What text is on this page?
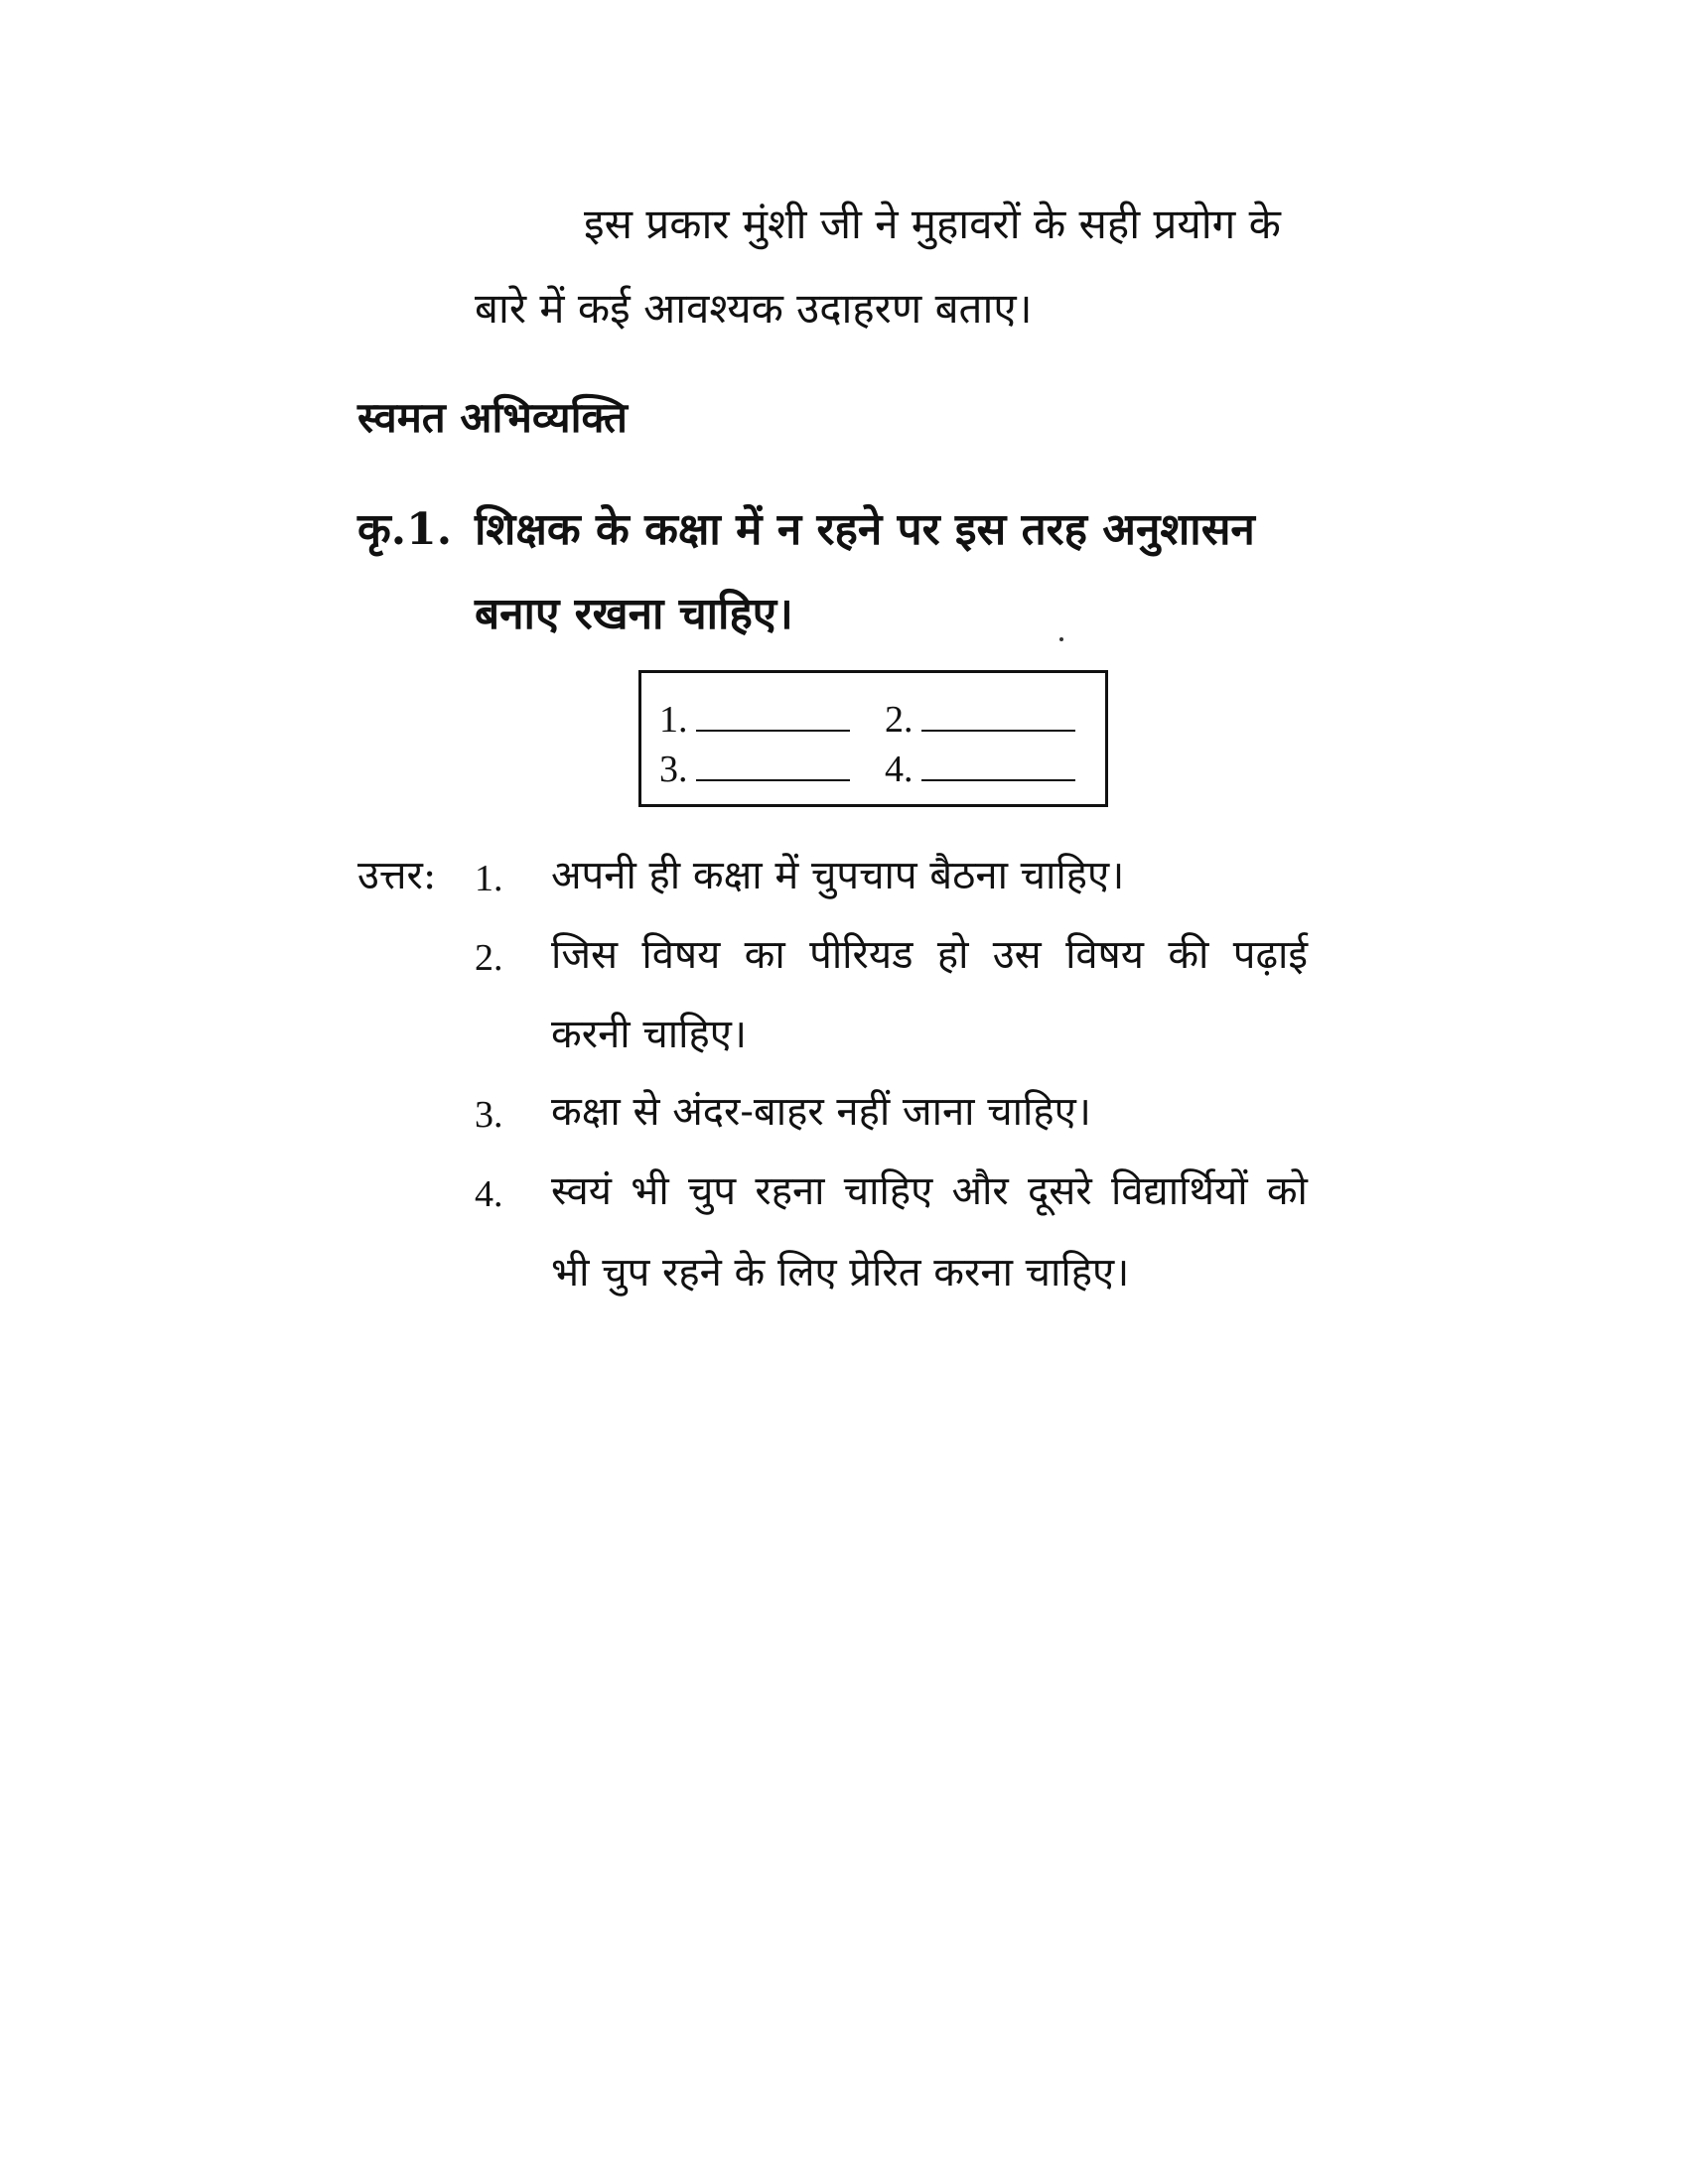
इस प्रकार मुंशी जी ने मुहावरों के सही प्रयोग के
बारे में कई आवश्यक उदाहरण बताए।
स्वमत अभिव्यक्ति
कृ.1. शिक्षक के कक्षा में न रहने पर इस तरह अनुशासन
बनाए रखना चाहिए।
1.	2.
3.	4.
उत्तर: 1. अपनी ही कक्षा में चुपचाप बैठना चाहिए।
2. जिस विषय का पीरियड हो उस विषय की पढ़ाई
करनी चाहिए।
3. कक्षा से अंदर-बाहर नहीं जाना चाहिए।
4. स्वयं भी चुप रहना चाहिए और दूसरे विद्यार्थियों को
भी चुप रहने के लिए प्रेरित करना चाहिए।
